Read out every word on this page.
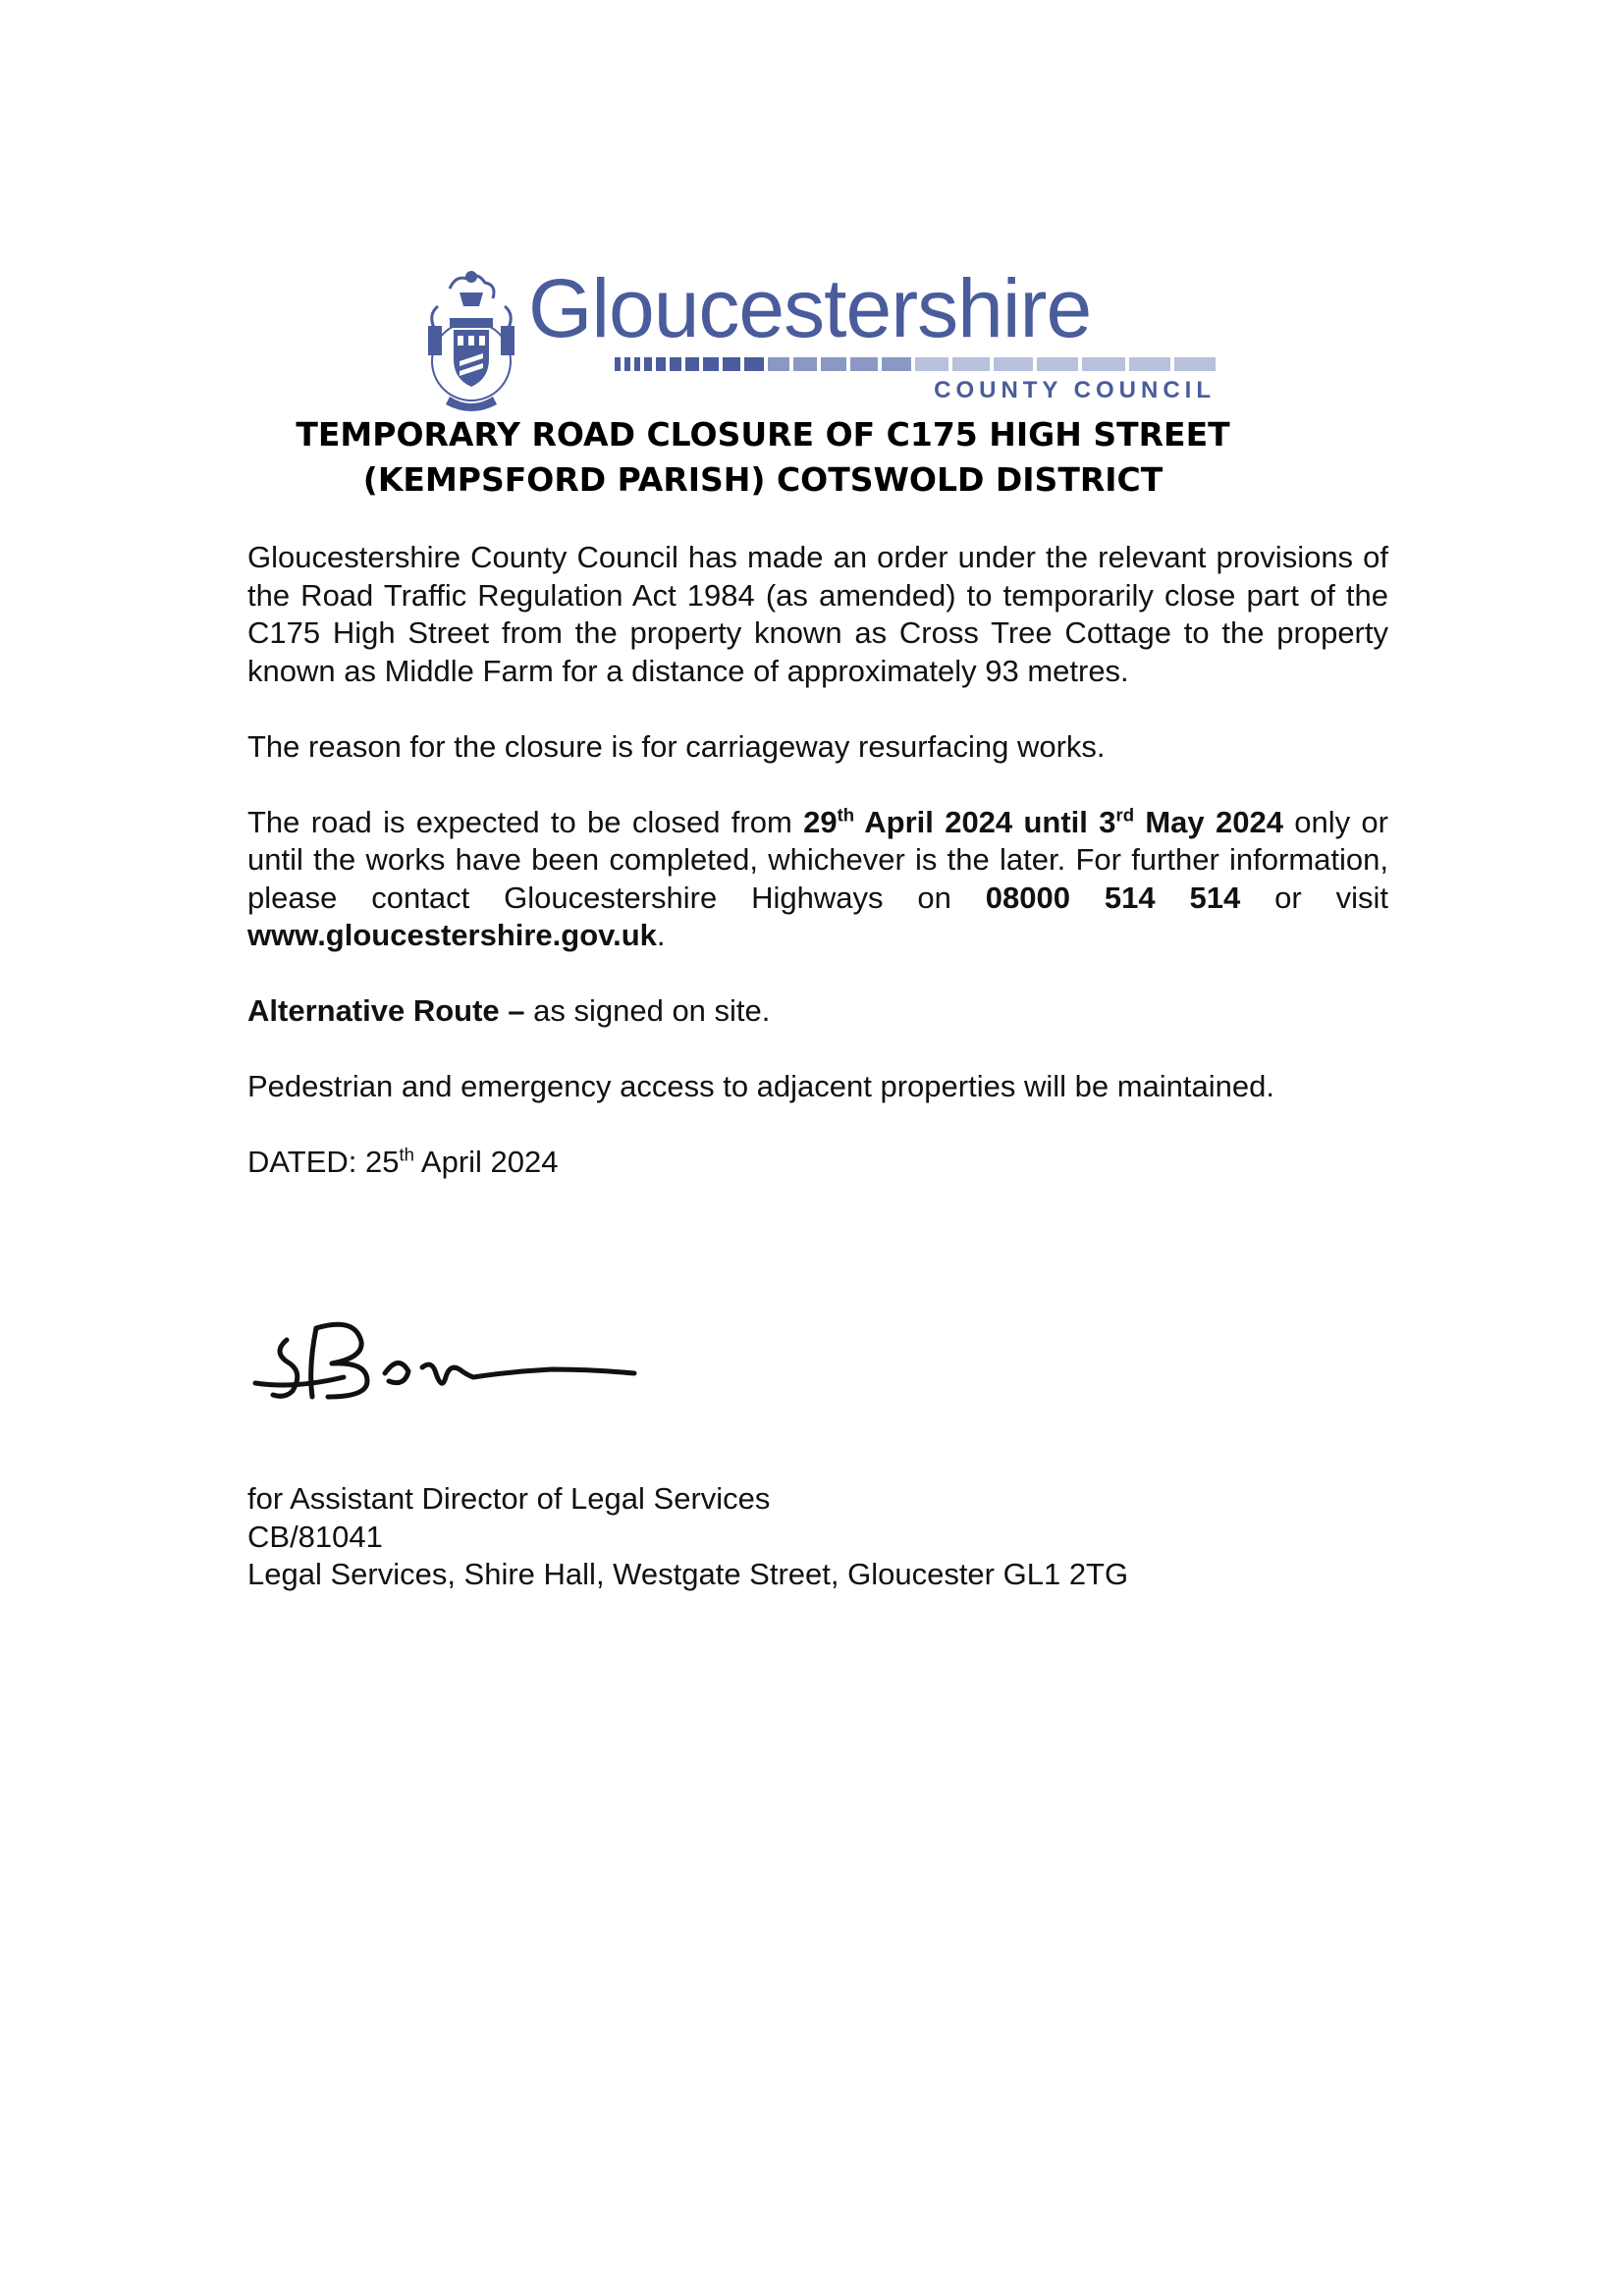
Gloucestershire
COUNTY COUNCIL
TEMPORARY ROAD CLOSURE OF C175 HIGH STREET
(KEMPSFORD PARISH) COTSWOLD DISTRICT

Gloucestershire County Council has made an order under the relevant provisions of the Road Traffic Regulation Act 1984 (as amended) to temporarily close part of the C175 High Street from the property known as Cross Tree Cottage to the property known as Middle Farm for a distance of approximately 93 metres.

The reason for the closure is for carriageway resurfacing works.

The road is expected to be closed from 29th April 2024 until 3rd May 2024 only or until the works have been completed, whichever is the later. For further information, please contact Gloucestershire Highways on 08000 514 514 or visit www.gloucestershire.gov.uk.

Alternative Route – as signed on site.

Pedestrian and emergency access to adjacent properties will be maintained.

DATED: 25th April 2024

for Assistant Director of Legal Services
CB/81041
Legal Services, Shire Hall, Westgate Street, Gloucester GL1 2TG
